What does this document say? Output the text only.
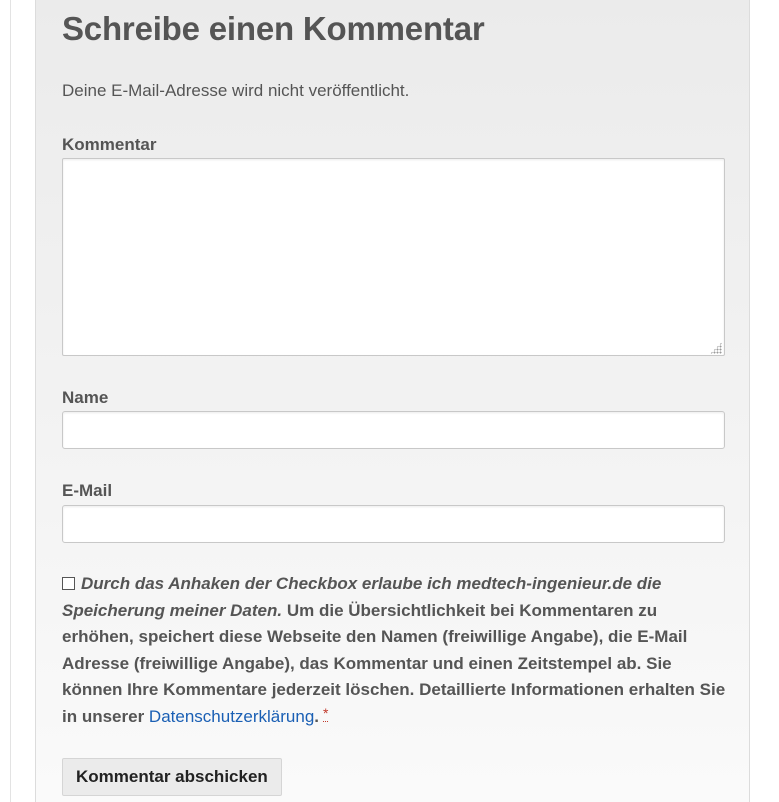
Schreibe einen Kommentar
Deine E-Mail-Adresse wird nicht veröffentlicht.
Kommentar
Name
E-Mail
Durch das Anhaken der Checkbox erlaube ich medtech-ingenieur.de die Speicherung meiner Daten. Um die Übersichtlichkeit bei Kommentaren zu erhöhen, speichert diese Webseite den Namen (freiwillige Angabe), die E-Mail Adresse (freiwillige Angabe), das Kommentar und einen Zeitstempel ab. Sie können Ihre Kommentare jederzeit löschen. Detaillierte Informationen erhalten Sie in unserer Datenschutzerklärung. *
Kommentar abschicken
